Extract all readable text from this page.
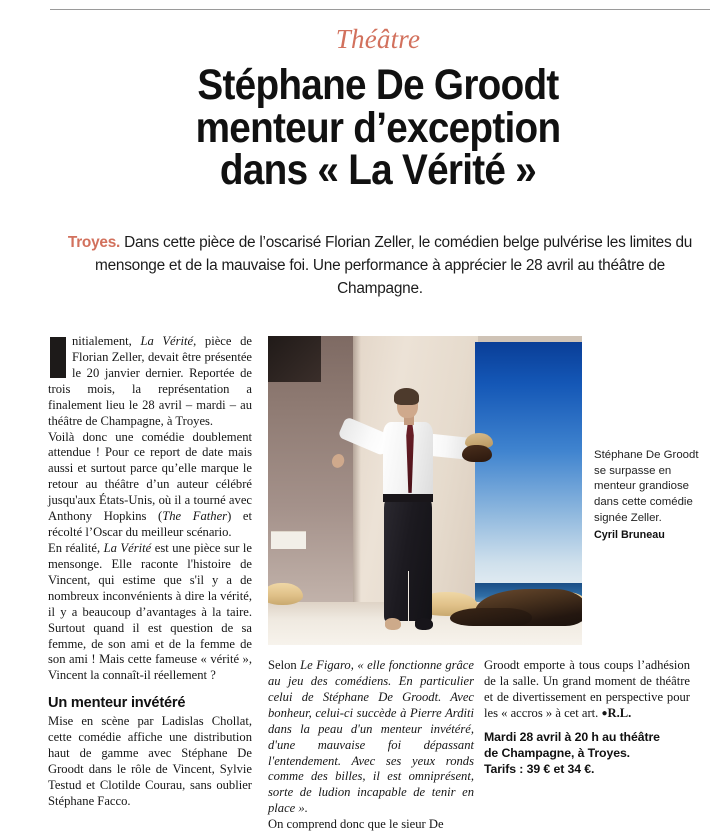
Théâtre
Stéphane De Groodt
menteur d’exception
dans « La Vérité »
Troyes. Dans cette pièce de l’oscarisé Florian Zeller, le comédien belge pulvérise les limites du mensonge et de la mauvaise foi. Une performance à apprécier le 28 avril au théâtre de Champagne.
Stéphane De Groodt se surpasse en menteur grandiose dans cette comédie signée Zeller.
Cyril Bruneau

nitialement, La Vérité, pièce de Florian Zeller, devait être présentée le 20 janvier dernier. Reportée de trois mois, la représentation a finalement lieu le 28 avril – mardi – au théâtre de Champagne, à Troyes.

Voilà donc une comédie doublement attendue ! Pour ce report de date mais aussi et surtout parce qu’elle marque le retour au théâtre d’un auteur célébré jusqu'aux États-Unis, où il a tourné avec Anthony Hopkins (The Father) et récolté l’Oscar du meilleur scénario.

En réalité, La Vérité est une pièce sur le mensonge. Elle raconte l'histoire de Vincent, qui estime que s'il y a de nombreux inconvénients à dire la vérité, il y a beaucoup d’avantages à la taire. Surtout quand il est question de sa femme, de son ami et de la femme de son ami ! Mais cette fameuse « vérité », Vincent la connaît-il réellement ?

Un menteur invétéré

Mise en scène par Ladislas Chollat, cette comédie affiche une distribution haut de gamme avec Stéphane De Groodt dans le rôle de Vincent, Sylvie Testud et Clotilde Courau, sans oublier Stéphane Facco.

Selon Le Figaro, « elle fonctionne grâce au jeu des comédiens. En particulier celui de Stéphane De Groodt. Avec bonheur, celui-ci succède à Pierre Arditi dans la peau d'un menteur invétéré, d'une mauvaise foi dépassant l'entendement. Avec ses yeux ronds comme des billes, il est omniprésent, sorte de ludion incapable de tenir en place ».

On comprend donc que le sieur De

Groodt emporte à tous coups l’adhésion de la salle. Un grand moment de théâtre et de divertissement en perspective pour les « accros » à cet art. ●R.L.

Mardi 28 avril à 20 h au théâtre
de Champagne, à Troyes.
Tarifs : 39 € et 34 €.
